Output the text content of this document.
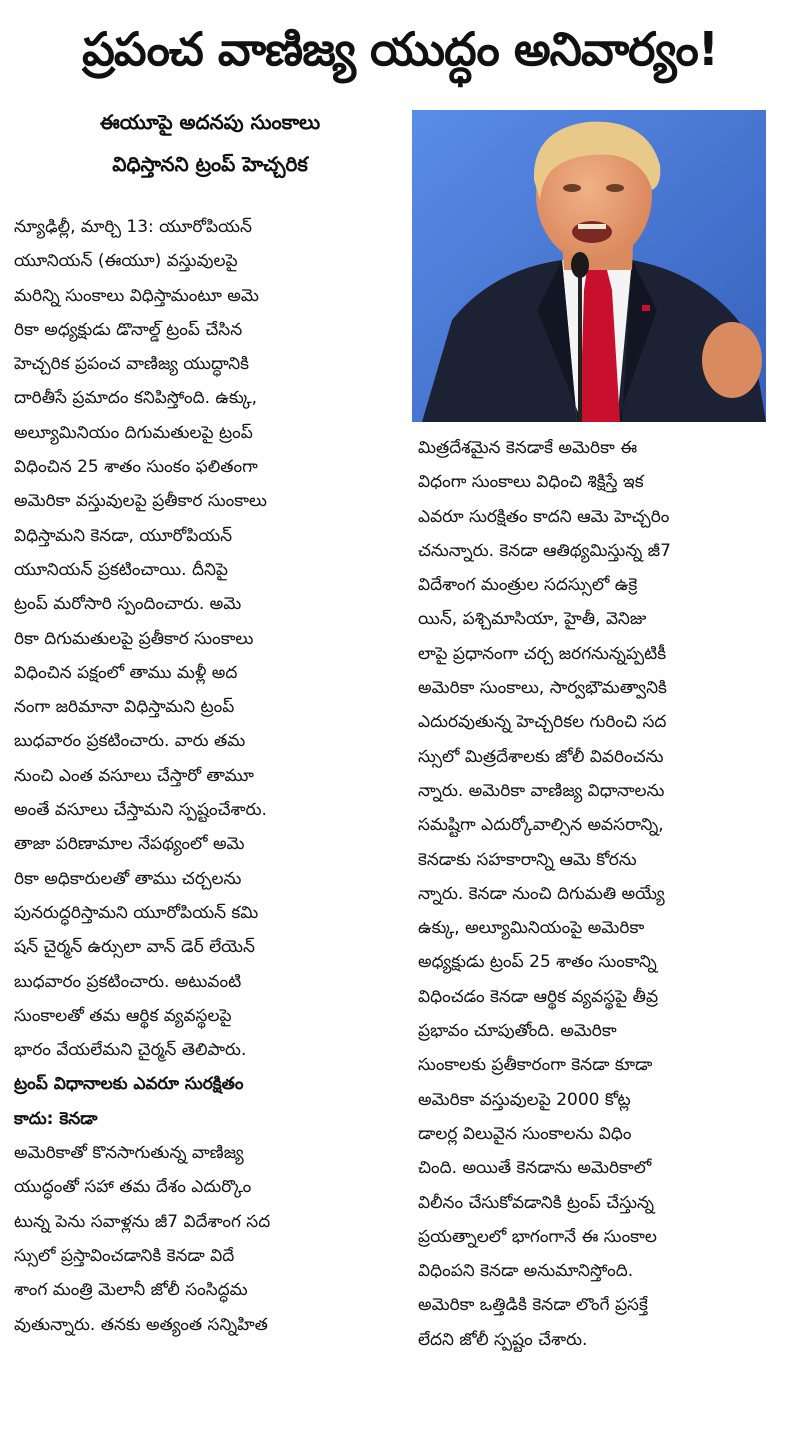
ప్రపంచ వాణిజ్య యుద్ధం అనివార్యం!

ఈయూపై అదనపు సుంకాలు

విధిస్తానని ట్రంప్ హెచ్చరిక

న్యూఢిల్లీ, మార్చి 13: యూరోపియన్
యూనియన్ (ఈయూ) వస్తువులపై
మరిన్ని సుంకాలు విధిస్తామంటూ అమె
రికా అధ్యక్షుడు డొనాల్డ్ ట్రంప్ చేసిన
హెచ్చరిక ప్రపంచ వాణిజ్య యుద్ధానికి
దారితీసే ప్రమాదం కనిపిస్తోంది. ఉక్కు,
అల్యూమినియం దిగుమతులపై ట్రంప్
విధించిన 25 శాతం సుంకం ఫలితంగా
అమెరికా వస్తువులపై ప్రతీకార సుంకాలు
విధిస్తామని కెనడా, యూరోపియన్
యూనియన్ ప్రకటించాయి. దీనిపై
ట్రంప్ మరోసారి స్పందించారు. అమె
రికా దిగుమతులపై ప్రతీకార సుంకాలు
విధించిన పక్షంలో తాము మళ్లీ అద
నంగా జరిమానా విధిస్తామని ట్రంప్
బుధవారం ప్రకటించారు. వారు తమ
నుంచి ఎంత వసూలు చేస్తారో తామూ
అంతే వసూలు చేస్తామని స్పష్టంచేశారు.
తాజా పరిణామాల నేపథ్యంలో అమె
రికా అధికారులతో తాము చర్చలను
పునరుద్ధరిస్తామని యూరోపియన్ కమి
షన్ చైర్మన్ ఉర్సులా వాన్ డెర్ లేయెన్
బుధవారం ప్రకటించారు. అటువంటి
సుంకాలతో తమ ఆర్థిక వ్యవస్థలపై
భారం వేయలేమని చైర్మన్ తెలిపారు.
ట్రంప్ విధానాలకు ఎవరూ సురక్షితం
కాదు: కెనడా
అమెరికాతో కొనసాగుతున్న వాణిజ్య
యుద్ధంతో సహా తమ దేశం ఎదుర్కొం
టున్న పెను సవాళ్లను జీ7 విదేశాంగ సద
స్సులో ప్రస్తావించడానికి కెనడా విదే
శాంగ మంత్రి మెలానీ జోలీ సంసిద్ధమ
వుతున్నారు. తనకు అత్యంత సన్నిహిత
మిత్రదేశమైన కెనడాకే అమెరికా ఈ
విధంగా సుంకాలు విధించి శిక్షిస్తే ఇక
ఎవరూ సురక్షితం కాదని ఆమె హెచ్చరిం
చనున్నారు. కెనడా ఆతిథ్యమిస్తున్న జీ7
విదేశాంగ మంత్రుల సదస్సులో ఉక్రె
యిన్, పశ్చిమాసియా, హైతీ, వెనిజు
లాపై ప్రధానంగా చర్చ జరగనున్నప్పటికీ
అమెరికా సుంకాలు, సార్వభౌమత్వానికి
ఎదురవుతున్న హెచ్చరికల గురించి సద
స్సులో మిత్రదేశాలకు జోలీ వివరించను
న్నారు. అమెరికా వాణిజ్య విధానాలను
సమష్టిగా ఎదుర్కోవాల్సిన అవసరాన్ని,
కెనడాకు సహకారాన్ని ఆమె కోరను
న్నారు. కెనడా నుంచి దిగుమతి అయ్యే
ఉక్కు, అల్యూమినియంపై అమెరికా
అధ్యక్షుడు ట్రంప్ 25 శాతం సుంకాన్ని
విధించడం కెనడా ఆర్థిక వ్యవస్థపై తీవ్ర
ప్రభావం చూపుతోంది. అమెరికా
సుంకాలకు ప్రతీకారంగా కెనడా కూడా
అమెరికా వస్తువులపై 2000 కోట్ల
డాలర్ల విలువైన సుంకాలను విధిం
చింది. అయితే కెనడాను అమెరికాలో
విలీనం చేసుకోవడానికి ట్రంప్ చేస్తున్న
ప్రయత్నాలలో భాగంగానే ఈ సుంకాల
విధింపని కెనడా అనుమానిస్తోంది.
అమెరికా ఒత్తిడికి కెనడా లొంగే ప్రసక్తే
లేదని జోలీ స్పష్టం చేశారు.
